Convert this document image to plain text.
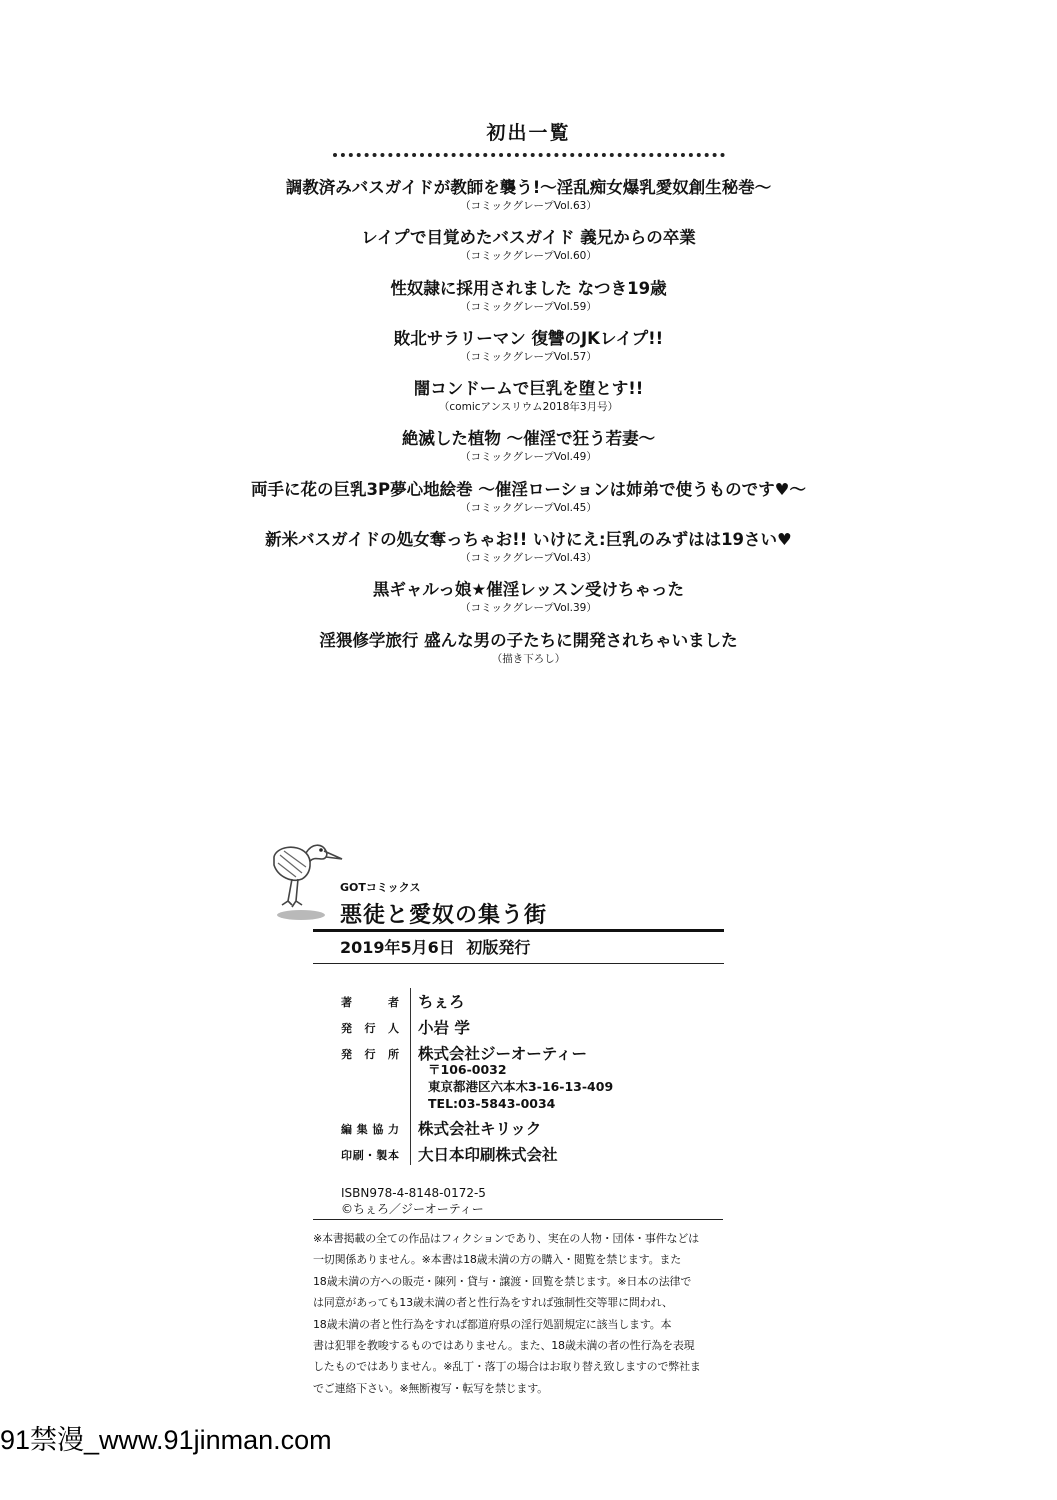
初出一覧
調教済みバスガイドが教師を襲う!〜淫乱痴女爆乳愛奴創生秘巻〜
（コミックグレープVol.63）
レイプで目覚めたバスガイド 義兄からの卒業
（コミックグレープVol.60）
性奴隷に採用されました なつき19歳
（コミックグレープVol.59）
敗北サラリーマン 復讐のJKレイプ!!
（コミックグレープVol.57）
闇コンドームで巨乳を堕とす!!
（comicアンスリウム2018年3月号）
絶滅した植物 〜催淫で狂う若妻〜
（コミックグレープVol.49）
両手に花の巨乳3P夢心地絵巻 〜催淫ローションは姉弟で使うものです♥〜
（コミックグレープVol.45）
新米バスガイドの処女奪っちゃお!! いけにえ:巨乳のみずはは19さい♥
（コミックグレープVol.43）
黒ギャルっ娘★催淫レッスン受けちゃった
（コミックグレープVol.39）
淫猥修学旅行 盛んな男の子たちに開発されちゃいました
（描き下ろし）
GOTコミックス
悪徒と愛奴の集う街
2019年5月6日 初版発行
著者 ちぇろ
発行人 小岩 学
発行所 株式会社ジーオーティー
〒106-0032
東京都港区六本木3-16-13-409
TEL:03-5843-0034
編集協力 株式会社キリック
印刷・製本 大日本印刷株式会社
ISBN978-4-8148-0172-5
©ちぇろ／ジーオーティー
※本書掲載の全ての作品はフィクションであり、実在の人物・団体・事件などは
一切関係ありません。※本書は18歳未満の方の購入・閲覧を禁じます。また
18歳未満の方への販売・陳列・貸与・譲渡・回覧を禁じます。※日本の法律で
は同意があっても13歳未満の者と性行為をすれば強制性交等罪に問われ、
18歳未満の者と性行為をすれば都道府県の淫行処罰規定に該当します。本
書は犯罪を教唆するものではありません。また、18歳未満の者の性行為を表現
したものではありません。※乱丁・落丁の場合はお取り替え致しますので弊社ま
でご連絡下さい。※無断複写・転写を禁じます。
91禁漫_www.91jinman.com
